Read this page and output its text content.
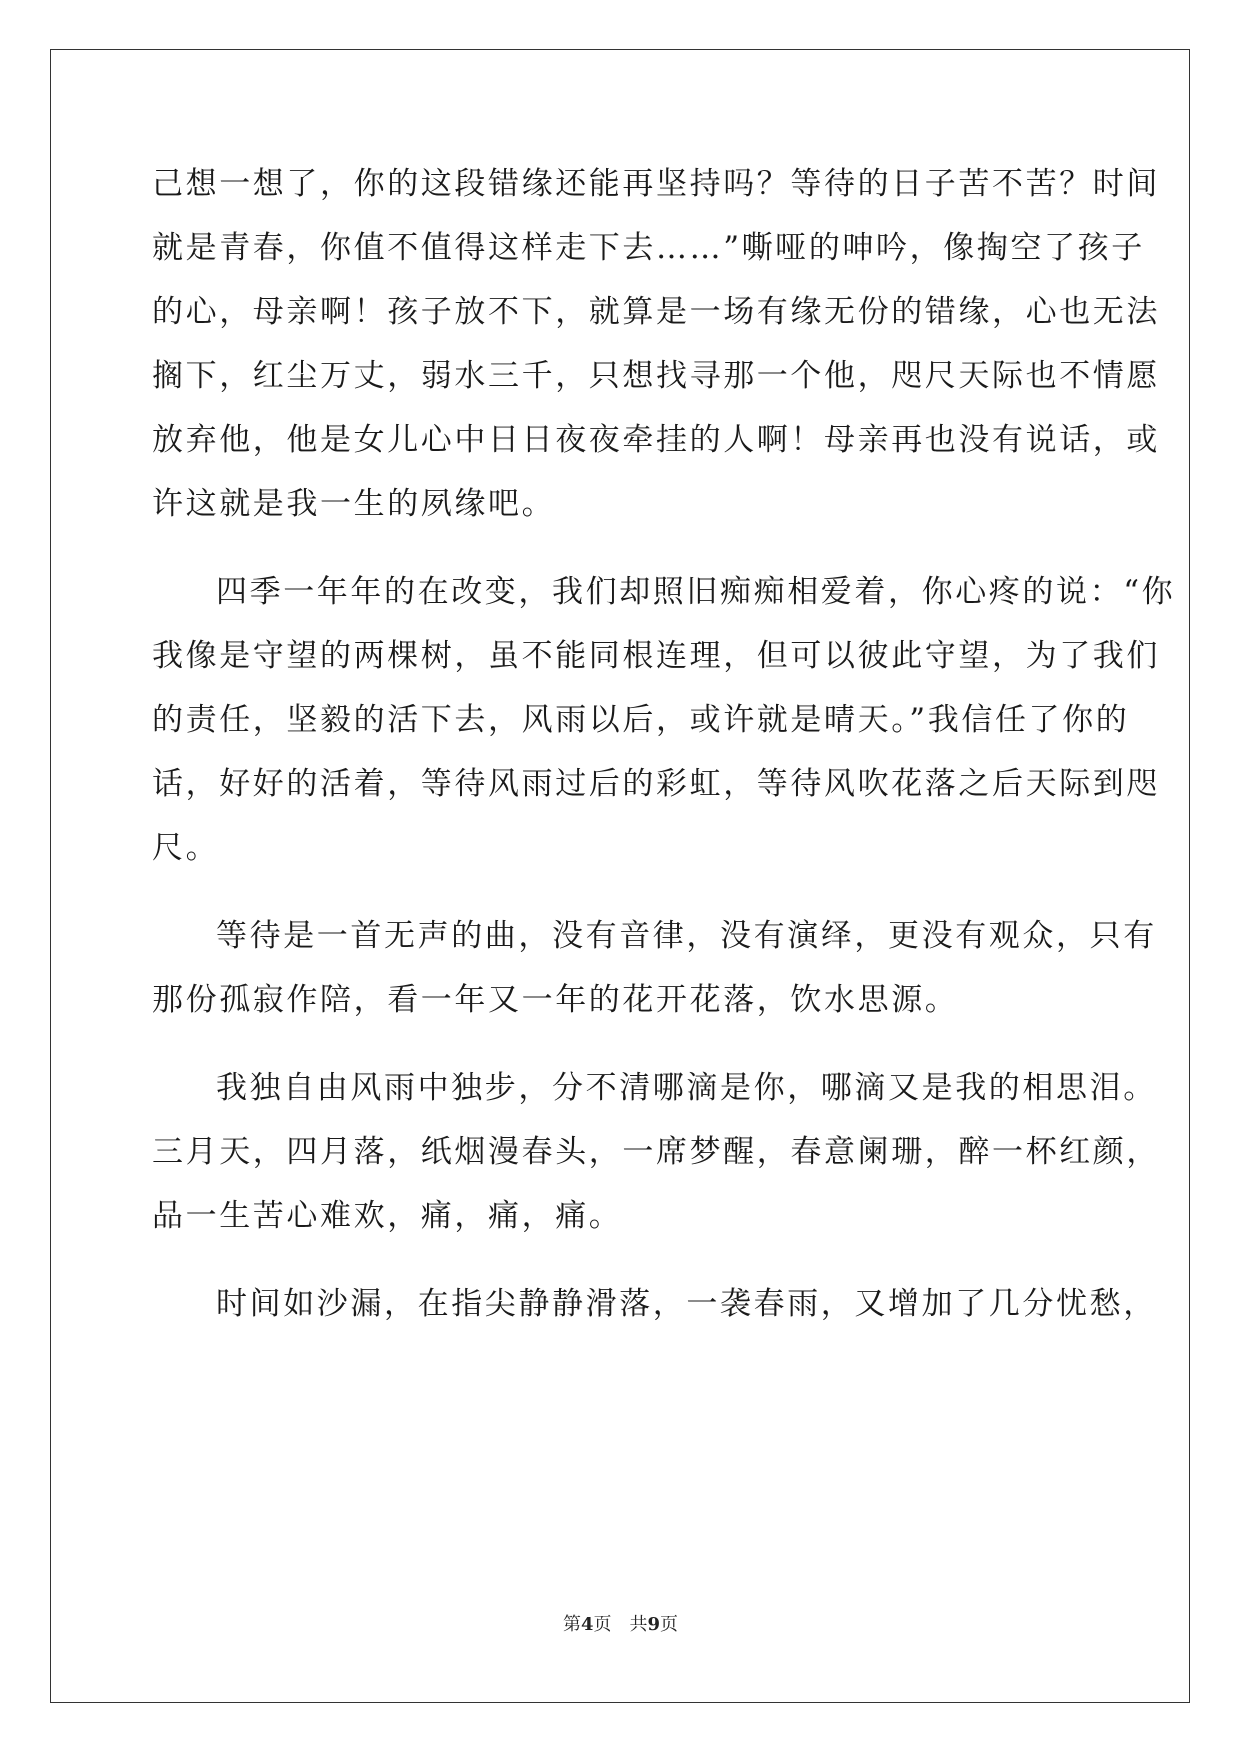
己想一想了，你的这段错缘还能再坚持吗？等待的日子苦不苦？时间
就是青春，你值不值得这样走下去……”嘶哑的呻吟，像掏空了孩子
的心，母亲啊！孩子放不下，就算是一场有缘无份的错缘，心也无法
搁下，红尘万丈，弱水三千，只想找寻那一个他，咫尺天际也不情愿
放弃他，他是女儿心中日日夜夜牵挂的人啊！母亲再也没有说话，或
许这就是我一生的夙缘吧。
四季一年年的在改变，我们却照旧痴痴相爱着，你心疼的说：“你
我像是守望的两棵树，虽不能同根连理，但可以彼此守望，为了我们
的责任，坚毅的活下去，风雨以后，或许就是晴天。”我信任了你的
话，好好的活着，等待风雨过后的彩虹，等待风吹花落之后天际到咫
尺。
等待是一首无声的曲，没有音律，没有演绎，更没有观众，只有
那份孤寂作陪，看一年又一年的花开花落，饮水思源。
我独自由风雨中独步，分不清哪滴是你，哪滴又是我的相思泪。
三月天，四月落，纸烟漫春头，一席梦醒，春意阑珊，醉一杯红颜，
品一生苦心难欢，痛，痛，痛。
时间如沙漏，在指尖静静滑落，一袭春雨，又增加了几分忧愁，
第4页 共9页
